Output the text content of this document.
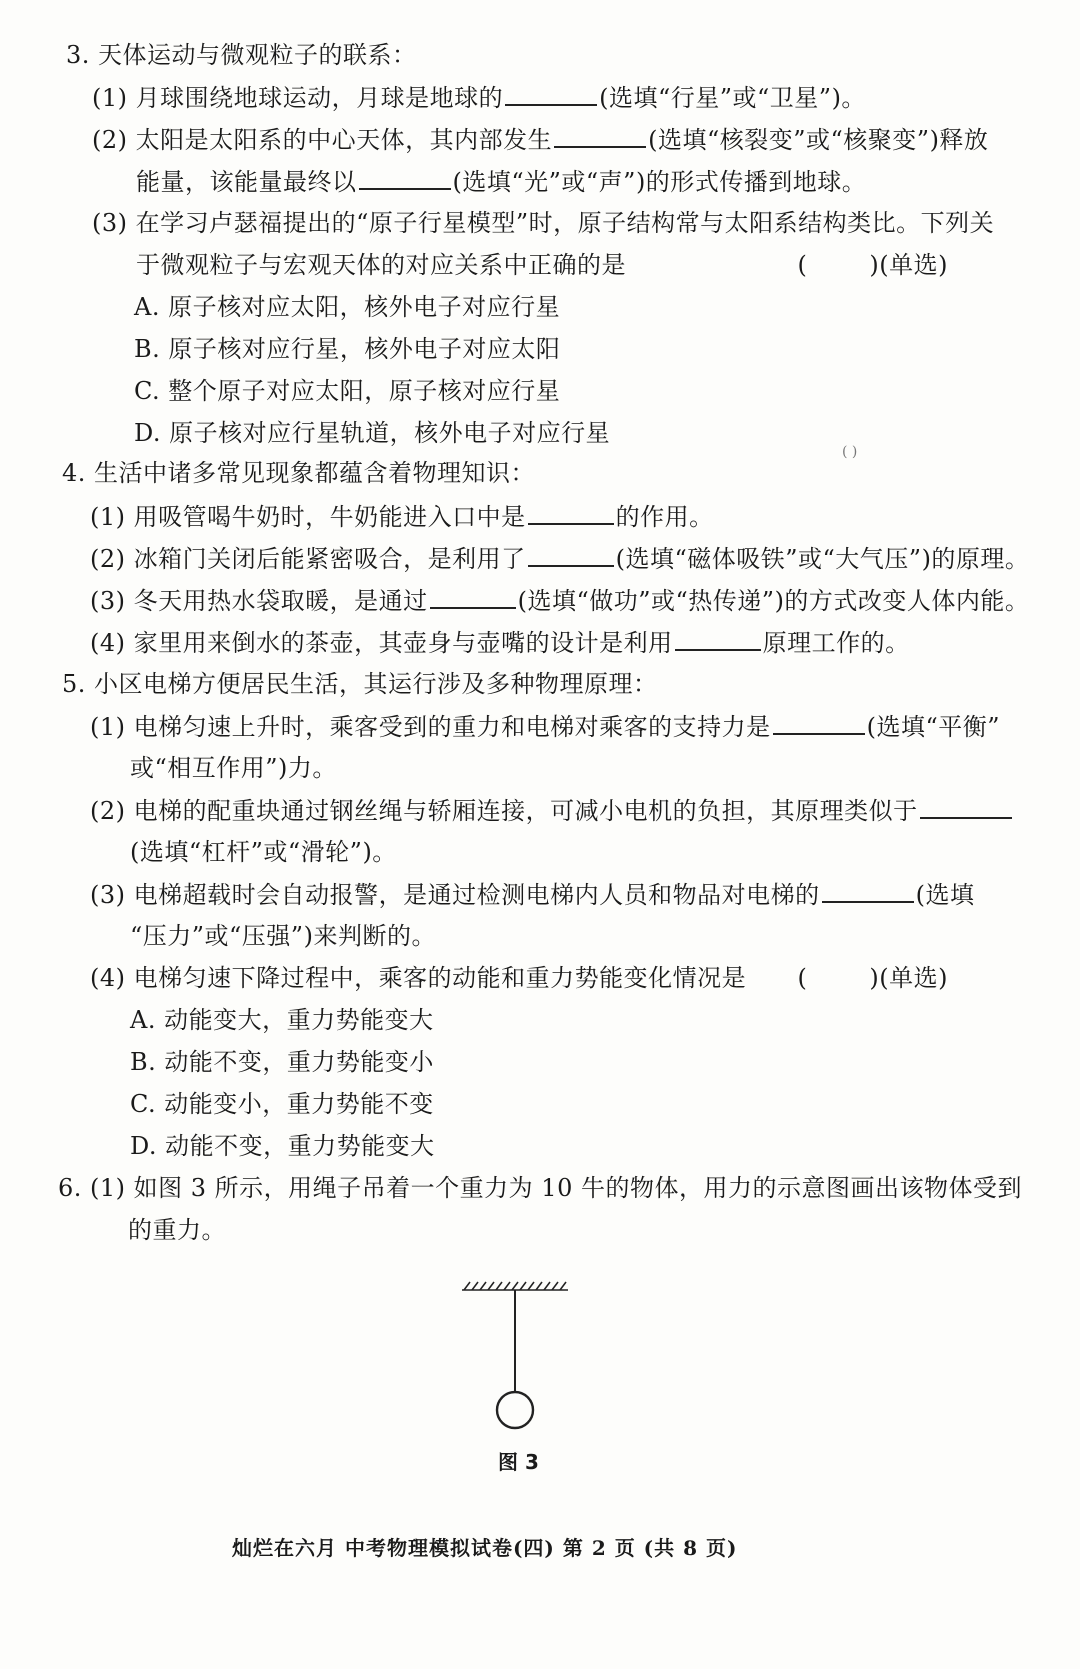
3. 天体运动与微观粒子的联系：
(1) 月球围绕地球运动，月球是地球的	(选填“行星”或“卫星”)。
(2) 太阳是太阳系的中心天体，其内部发生	(选填“核裂变”或“核聚变”)释放
能量，该能量最终以	(选填“光”或“声”)的形式传播到地球。
(3) 在学习卢瑟福提出的“原子行星模型”时，原子结构常与太阳系结构类比。下列关
于微观粒子与宏观天体的对应关系中正确的是	(	)(单选)
A. 原子核对应太阳，核外电子对应行星
B. 原子核对应行星，核外电子对应太阳
C. 整个原子对应太阳，原子核对应行星
D. 原子核对应行星轨道，核外电子对应行星
( )
4. 生活中诸多常见现象都蕴含着物理知识：
(1) 用吸管喝牛奶时，牛奶能进入口中是	的作用。
(2) 冰箱门关闭后能紧密吸合，是利用了	(选填“磁体吸铁”或“大气压”)的原理。
(3) 冬天用热水袋取暖，是通过	(选填“做功”或“热传递”)的方式改变人体内能。
(4) 家里用来倒水的茶壶，其壶身与壶嘴的设计是利用	原理工作的。
5. 小区电梯方便居民生活，其运行涉及多种物理原理：
(1) 电梯匀速上升时，乘客受到的重力和电梯对乘客的支持力是	(选填“平衡”
或“相互作用”)力。
(2) 电梯的配重块通过钢丝绳与轿厢连接，可减小电机的负担，其原理类似于
(选填“杠杆”或“滑轮”)。
(3) 电梯超载时会自动报警，是通过检测电梯内人员和物品对电梯的	(选填
“压力”或“压强”)来判断的。
(4) 电梯匀速下降过程中，乘客的动能和重力势能变化情况是 (	)(单选)
A. 动能变大，重力势能变大
B. 动能不变，重力势能变小
C. 动能变小，重力势能不变
D. 动能不变，重力势能变大
6. (1) 如图 3 所示，用绳子吊着一个重力为 10 牛的物体，用力的示意图画出该物体受到
的重力。
图 3
灿烂在六月 中考物理模拟试卷(四) 第 2 页 (共 8 页)
